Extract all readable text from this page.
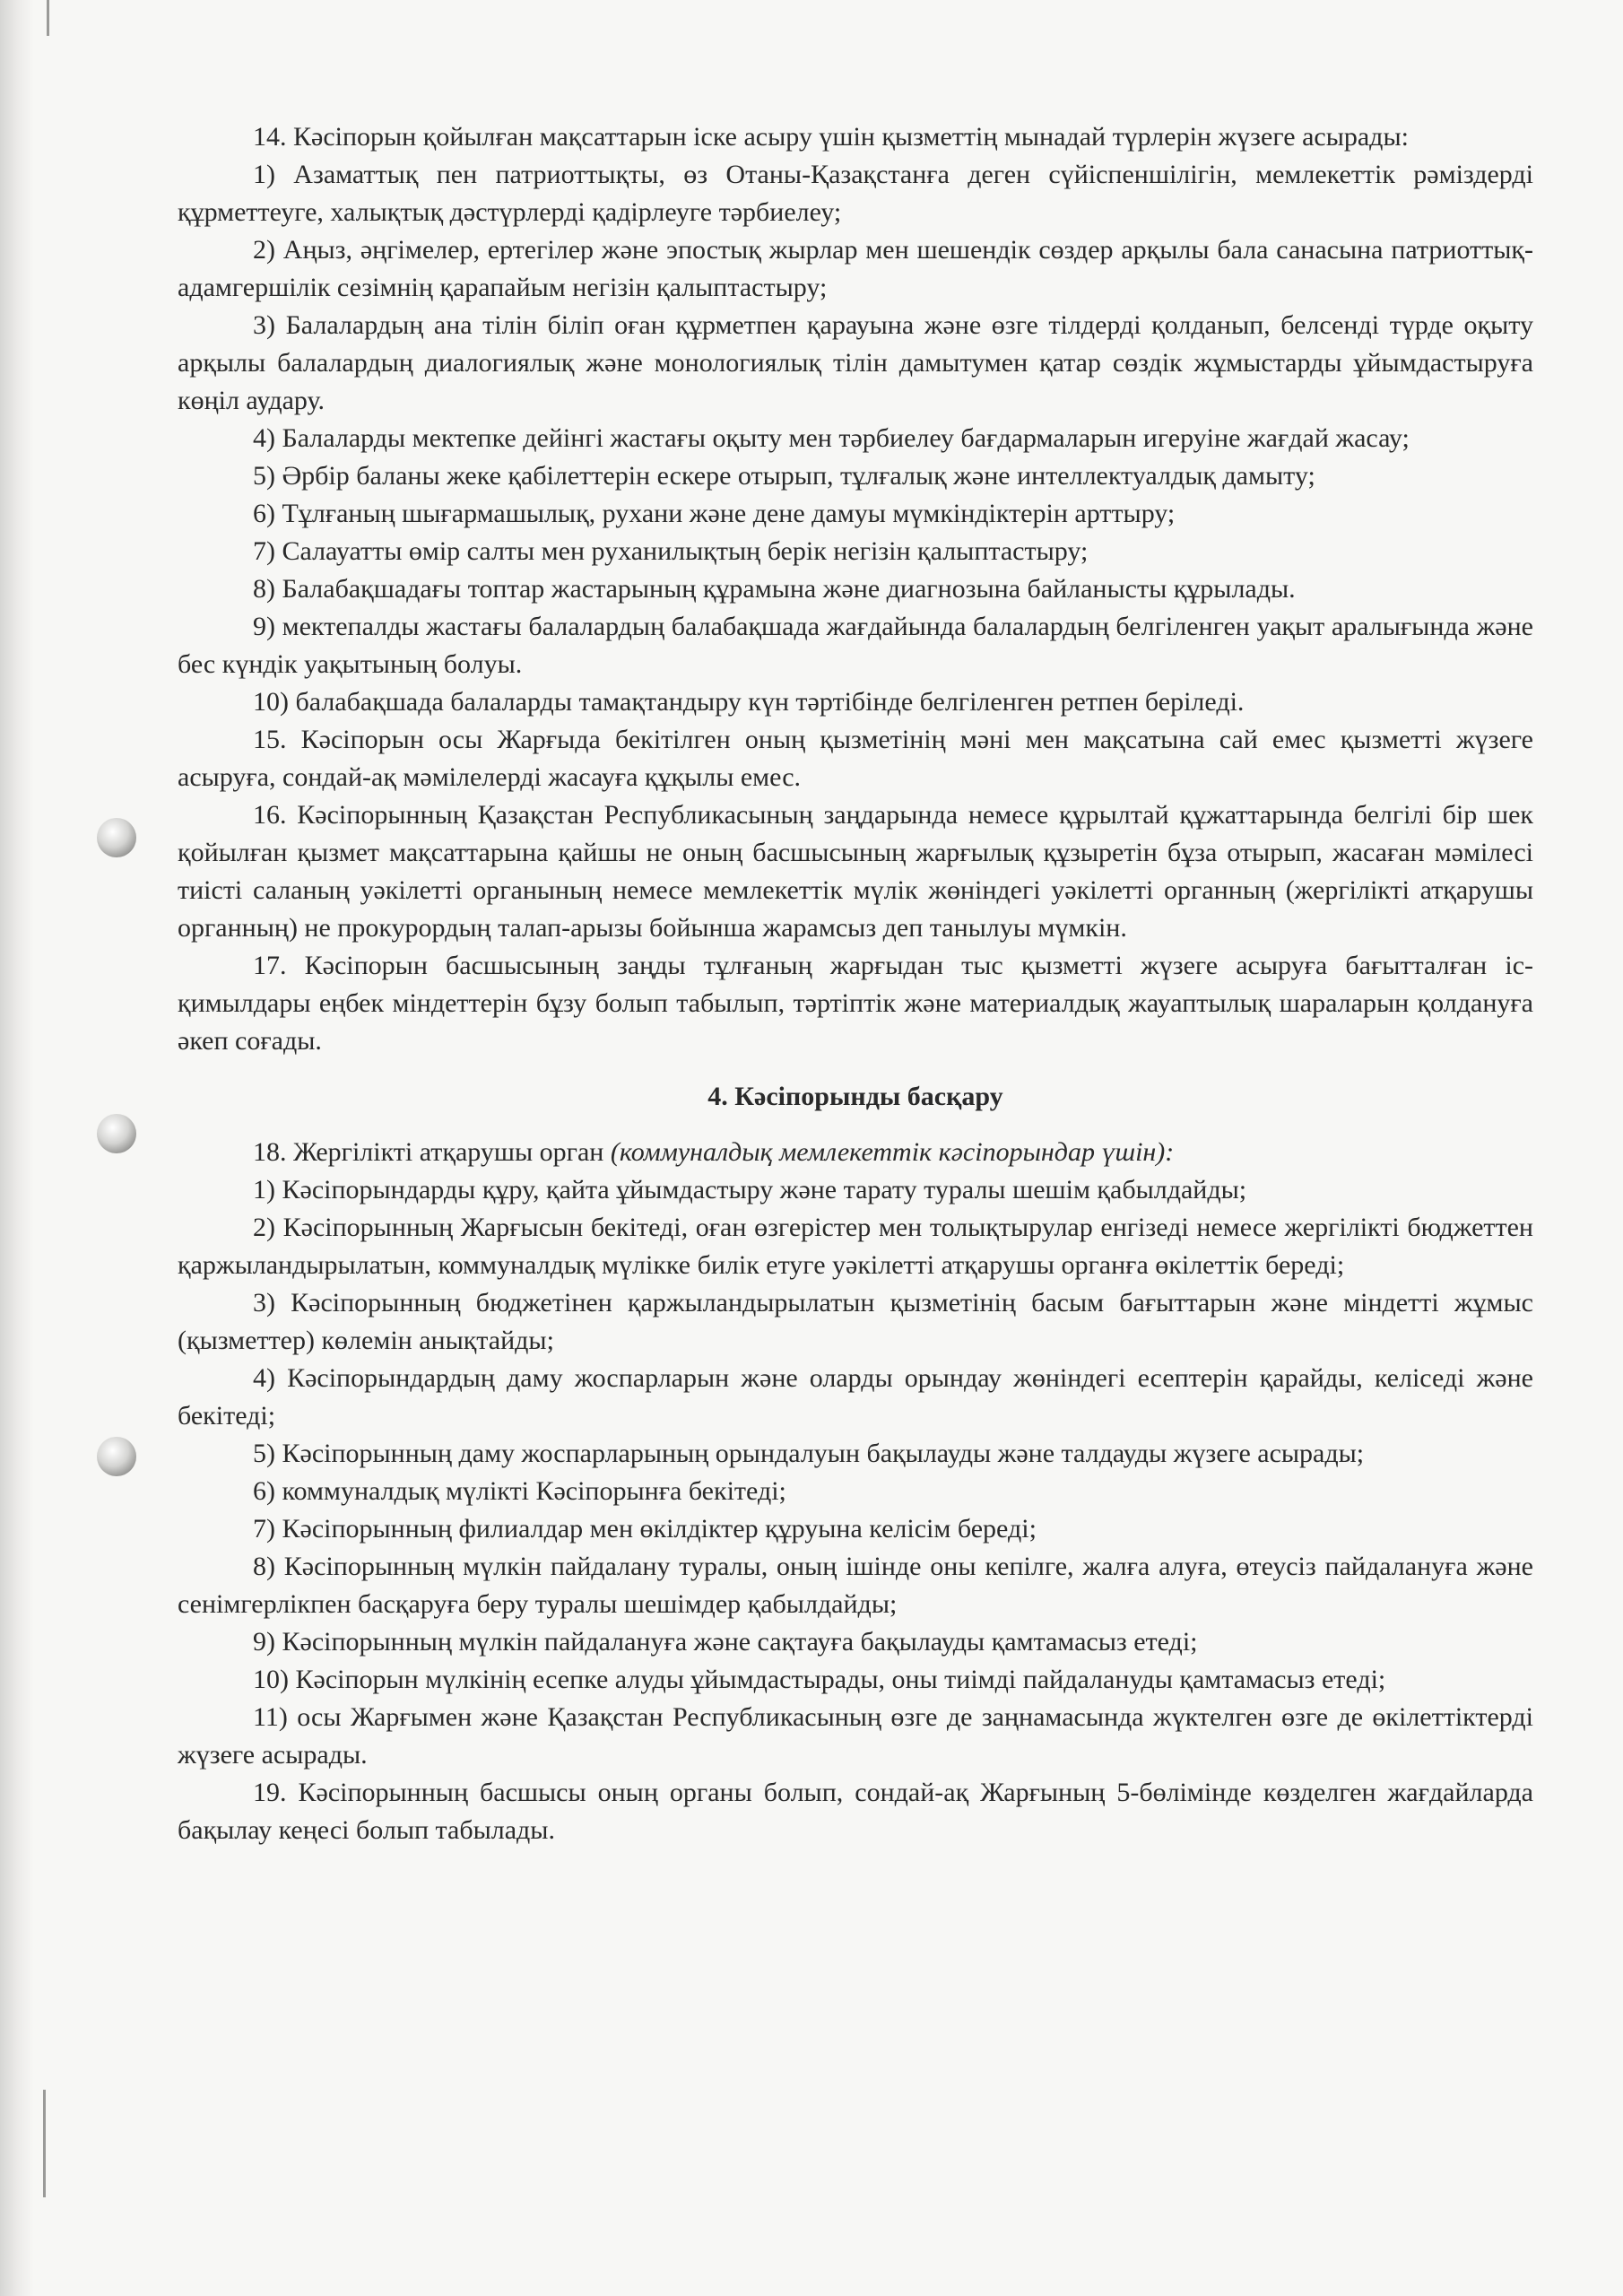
14. Кәсіпорын қойылған мақсаттарын іске асыру үшін қызметтің мынадай түрлерін жүзеге асырады:

1) Азаматтық пен патриоттықты, өз Отаны-Қазақстанға деген сүйіспеншілігін, мемлекеттік рәміздерді құрметтеуге, халықтық дәстүрлерді қадірлеуге тәрбиелеу;

2) Аңыз, әңгімелер, ертегілер және эпостық жырлар мен шешендік сөздер арқылы бала санасына патриоттық-адамгершілік сезімнің қарапайым негізін қалыптастыру;

3) Балалардың ана тілін біліп оған құрметпен қарауына және өзге тілдерді қолданып, белсенді түрде оқыту арқылы балалардың диалогиялық және монологиялық тілін дамытумен қатар сөздік жұмыстарды ұйымдастыруға көңіл аудару.

4) Балаларды мектепке дейінгі жастағы оқыту мен тәрбиелеу бағдармаларын игеруіне жағдай жасау;

5) Әрбір баланы жеке қабілеттерін ескере отырып, тұлғалық және интеллектуалдық дамыту;

6) Тұлғаның шығармашылық, рухани және дене дамуы мүмкіндіктерін арттыру;

7) Салауатты өмір салты мен руханилықтың берік негізін қалыптастыру;

8) Балабақшадағы топтар жастарының құрамына және диагнозына байланысты құрылады.

9) мектепалды жастағы балалардың балабақшада жағдайында балалардың белгіленген уақыт аралығында және бес күндік уақытының болуы.

10) балабақшада балаларды тамақтандыру күн тәртібінде белгіленген ретпен беріледі.

15. Кәсіпорын осы Жарғыда бекітілген оның қызметінің мәні мен мақсатына сай емес қызметті жүзеге асыруға, сондай-ақ мәмілелерді жасауға құқылы емес.

16. Кәсіпорынның Қазақстан Республикасының заңдарында немесе құрылтай құжаттарында белгілі бір шек қойылған қызмет мақсаттарына қайшы не оның басшысының жарғылық құзыретін бұза отырып, жасаған мәмілесі тиісті саланың уәкілетті органының немесе мемлекеттік мүлік жөніндегі уәкілетті органның (жергілікті атқарушы органның) не прокурордың талап-арызы бойынша жарамсыз деп танылуы мүмкін.

17. Кәсіпорын басшысының заңды тұлғаның жарғыдан тыс қызметті жүзеге асыруға бағытталған іс-қимылдары еңбек міндеттерін бұзу болып табылып, тәртіптік және материалдық жауаптылық шараларын қолдануға әкеп соғады.

4. Кәсіпорынды басқару

18. Жергілікті атқарушы орган (коммуналдық мемлекеттік кәсіпорындар үшін):

1) Кәсіпорындарды құру, қайта ұйымдастыру және тарату туралы шешім қабылдайды;

2) Кәсіпорынның Жарғысын бекітеді, оған өзгерістер мен толықтырулар енгізеді немесе жергілікті бюджеттен қаржыландырылатын, коммуналдық мүлікке билік етуге уәкілетті атқарушы органға өкілеттік береді;

3) Кәсіпорынның бюджетінен қаржыландырылатын қызметінің басым бағыттарын және міндетті жұмыс (қызметтер) көлемін анықтайды;

4) Кәсіпорындардың даму жоспарларын және оларды орындау жөніндегі есептерін қарайды, келіседі және бекітеді;

5) Кәсіпорынның даму жоспарларының орындалуын бақылауды және талдауды жүзеге асырады;

6) коммуналдық мүлікті Кәсіпорынға бекітеді;

7) Кәсіпорынның филиалдар мен өкілдіктер құруына келісім береді;

8) Кәсіпорынның мүлкін пайдалану туралы, оның ішінде оны кепілге, жалға алуға, өтеусіз пайдалануға және сенімгерлікпен басқаруға беру туралы шешімдер қабылдайды;

9) Кәсіпорынның мүлкін пайдалануға және сақтауға бақылауды қамтамасыз етеді;

10) Кәсіпорын мүлкінің есепке алуды ұйымдастырады, оны тиімді пайдалануды қамтамасыз етеді;

11) осы Жарғымен және Қазақстан Республикасының өзге де заңнамасында жүктелген өзге де өкілеттіктерді жүзеге асырады.

19. Кәсіпорынның басшысы оның органы болып, сондай-ақ Жарғының 5-бөлімінде көзделген жағдайларда бақылау кеңесі болып табылады.
